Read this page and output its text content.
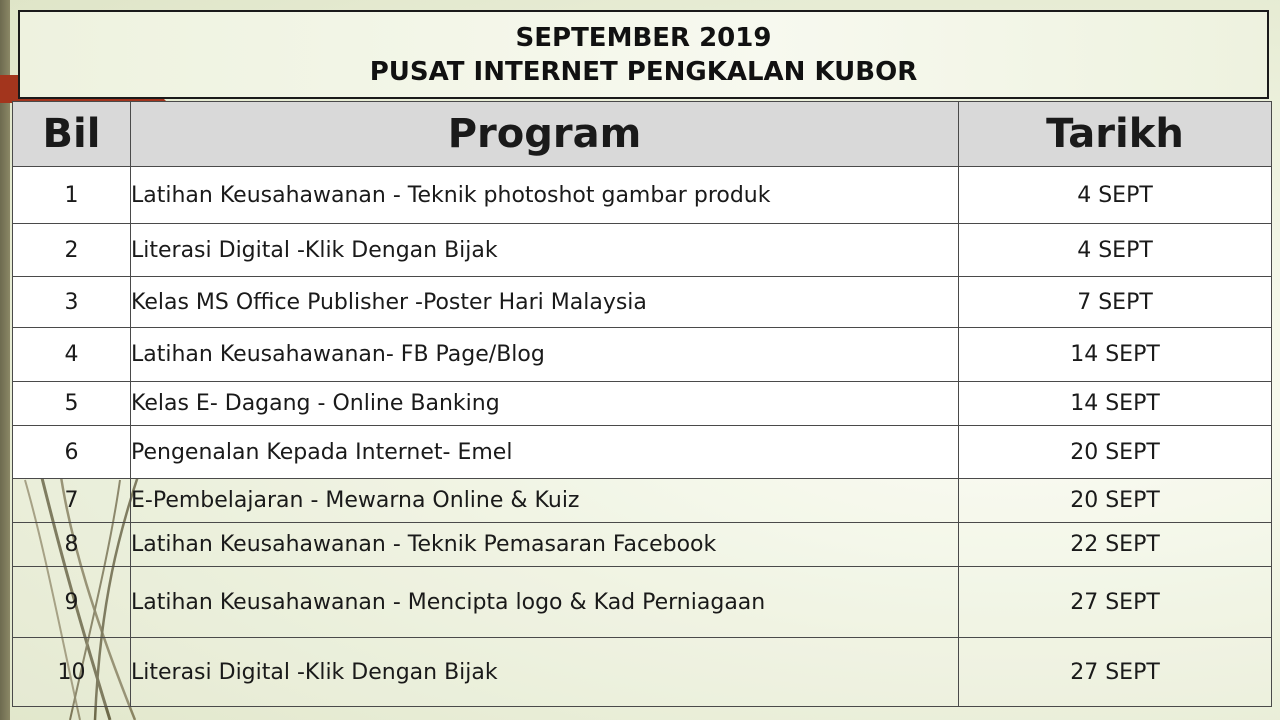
SEPTEMBER 2019
PUSAT INTERNET PENGKALAN KUBOR
Bil	Program	Tarikh
1	Latihan Keusahawanan - Teknik photoshot gambar produk	4 SEPT
2	Literasi Digital -Klik Dengan Bijak	4 SEPT
3	Kelas MS Office Publisher -Poster Hari Malaysia	7 SEPT
4	Latihan Keusahawanan- FB Page/Blog	14 SEPT
5	Kelas E- Dagang - Online Banking	14 SEPT
6	Pengenalan Kepada Internet- Emel	20 SEPT
7	E-Pembelajaran - Mewarna Online & Kuiz	20 SEPT
8	Latihan Keusahawanan - Teknik Pemasaran Facebook	22 SEPT
9	Latihan Keusahawanan - Mencipta logo & Kad Perniagaan	27 SEPT
10	Literasi Digital -Klik Dengan Bijak	27 SEPT
